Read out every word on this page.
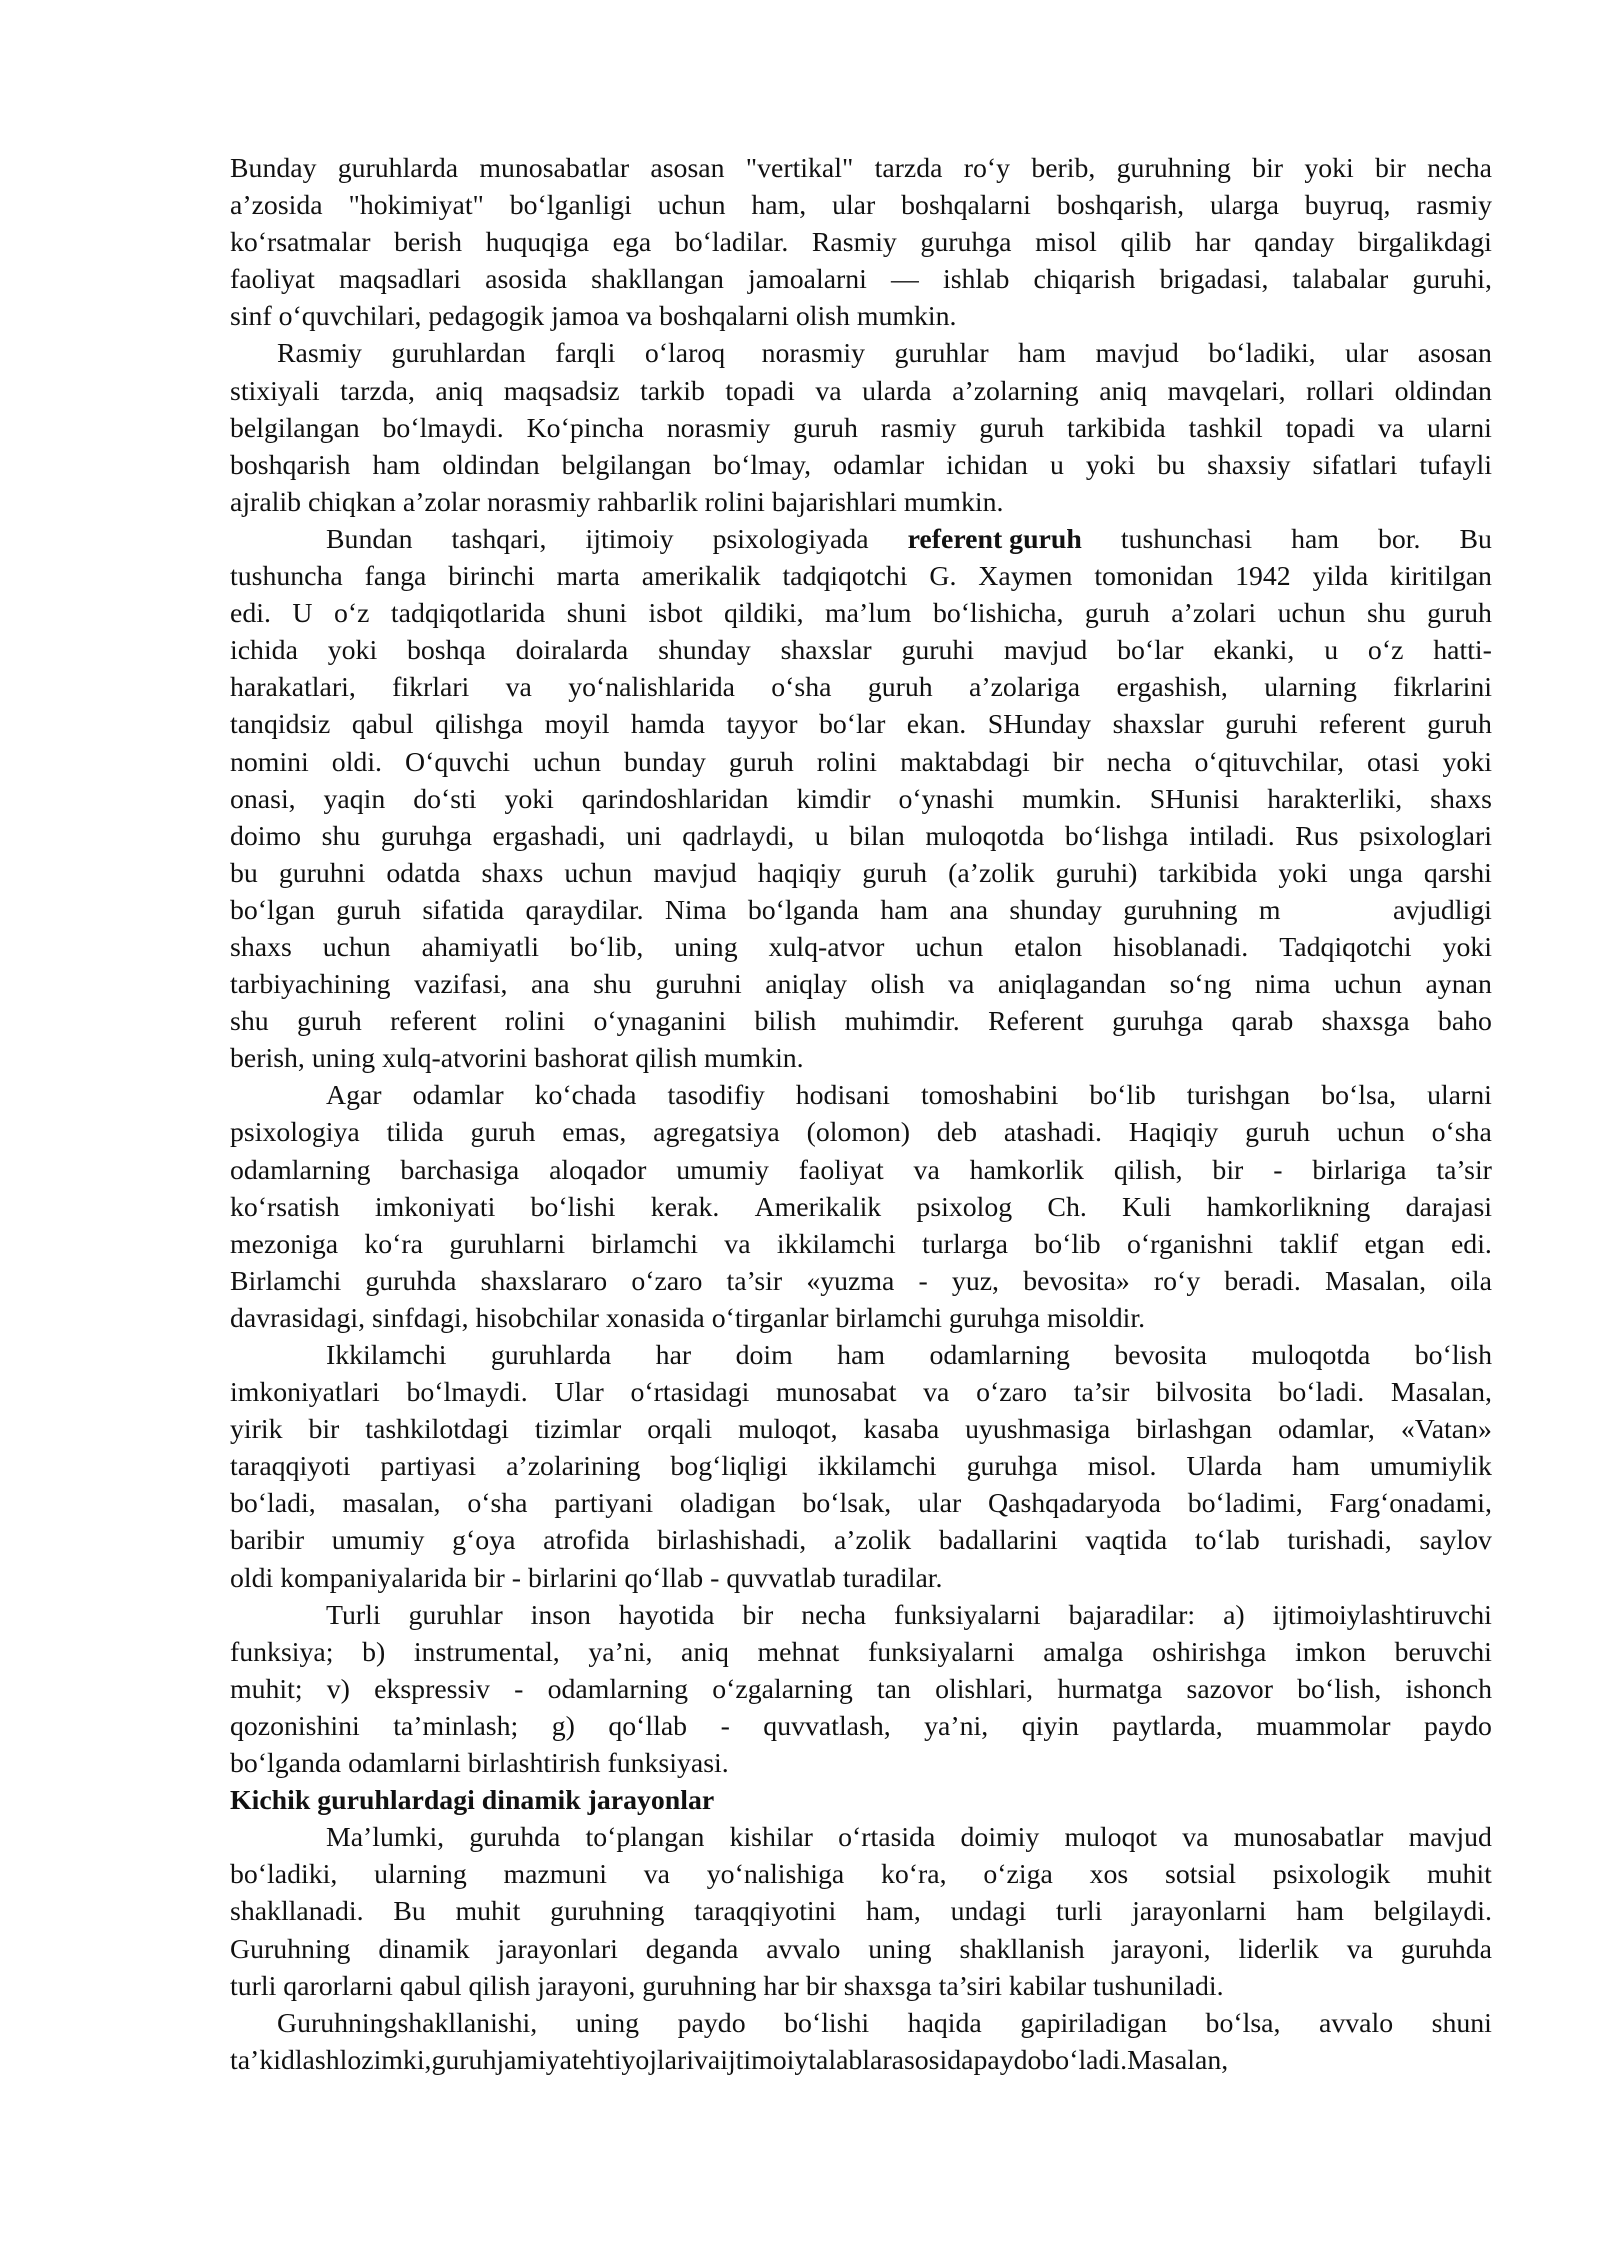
Bunday guruhlarda munosabatlar asosan "vertikal" tarzda ro‘y berib, guruhning bir yoki bir necha
a’zosida "hokimiyat" bo‘lganligi uchun ham, ular boshqalarni boshqarish, ularga buyruq, rasmiy
ko‘rsatmalar berish huquqiga ega bo‘ladilar. Rasmiy guruhga misol qilib har qanday birgalikdagi
faoliyat maqsadlari asosida shakllangan jamoalarni — ishlab chiqarish brigadasi, talabalar guruhi,
sinf o‘quvchilari, pedagogik jamoa va boshqalarni olish mumkin.
Rasmiy guruhlardan farqli o‘laroq norasmiy guruhlar ham mavjud bo‘ladiki, ular asosan
stixiyali tarzda, aniq maqsadsiz tarkib topadi va ularda a’zolarning aniq mavqelari, rollari oldindan
belgilangan bo‘lmaydi. Ko‘pincha norasmiy guruh rasmiy guruh tarkibida tashkil topadi va ularni
boshqarish ham oldindan belgilangan bo‘lmay, odamlar ichidan u yoki bu shaxsiy sifatlari tufayli
ajralib chiqkan a’zolar norasmiy rahbarlik rolini bajarishlari mumkin.
Bundan tashqari, ijtimoiy psixologiyada referent guruh tushunchasi ham bor. Bu
tushuncha fanga birinchi marta amerikalik tadqiqotchi G. Xaymen tomonidan 1942 yilda kiritilgan
edi. U o‘z tadqiqotlarida shuni isbot qildiki, ma’lum bo‘lishicha, guruh a’zolari uchun shu guruh
ichida yoki boshqa doiralarda shunday shaxslar guruhi mavjud bo‘lar ekanki, u o‘z hatti-
harakatlari, fikrlari va yo‘nalishlarida o‘sha guruh a’zolariga ergashish, ularning fikrlarini
tanqidsiz qabul qilishga moyil hamda tayyor bo‘lar ekan. SHunday shaxslar guruhi referent guruh
nomini oldi. O‘quvchi uchun bunday guruh rolini maktabdagi bir necha o‘qituvchilar, otasi yoki
onasi, yaqin do‘sti yoki qarindoshlaridan kimdir o‘ynashi mumkin. SHunisi harakterliki, shaxs
doimo shu guruhga ergashadi, uni qadrlaydi, u bilan muloqotda bo‘lishga intiladi. Rus psixologlari
bu guruhni odatda shaxs uchun mavjud haqiqiy guruh (a’zolik guruhi) tarkibida yoki unga qarshi
bo‘lgan guruh sifatida qaraydilar. Nima bo‘lganda ham ana shunday guruhning m	avjudligi
shaxs uchun ahamiyatli bo‘lib, uning xulq-atvor uchun etalon hisoblanadi. Tadqiqotchi yoki
tarbiyachining vazifasi, ana shu guruhni aniqlay olish va aniqlagandan so‘ng nima uchun aynan
shu guruh referent rolini o‘ynaganini bilish muhimdir. Referent guruhga qarab shaxsga baho
berish, uning xulq-atvorini bashorat qilish mumkin.
Agar odamlar ko‘chada tasodifiy hodisani tomoshabini bo‘lib turishgan bo‘lsa, ularni
psixologiya tilida guruh emas, agregatsiya (olomon) deb atashadi. Haqiqiy guruh uchun o‘sha
odamlarning barchasiga aloqador umumiy faoliyat va hamkorlik qilish, bir - birlariga ta’sir
ko‘rsatish imkoniyati bo‘lishi kerak. Amerikalik psixolog Ch. Kuli hamkorlikning darajasi
mezoniga ko‘ra guruhlarni birlamchi va ikkilamchi turlarga bo‘lib o‘rganishni taklif etgan edi.
Birlamchi guruhda shaxslararo o‘zaro ta’sir «yuzma - yuz, bevosita» ro‘y beradi. Masalan, oila
davrasidagi, sinfdagi, hisobchilar xonasida o‘tirganlar birlamchi guruhga misoldir.
Ikkilamchi guruhlarda har doim ham odamlarning bevosita muloqotda bo‘lish
imkoniyatlari bo‘lmaydi. Ular o‘rtasidagi munosabat va o‘zaro ta’sir bilvosita bo‘ladi. Masalan,
yirik bir tashkilotdagi tizimlar orqali muloqot, kasaba uyushmasiga birlashgan odamlar, «Vatan»
taraqqiyoti partiyasi a’zolarining bog‘liqligi ikkilamchi guruhga misol. Ularda ham umumiylik
bo‘ladi, masalan, o‘sha partiyani oladigan bo‘lsak, ular Qashqadaryoda bo‘ladimi, Farg‘onadami,
baribir umumiy g‘oya atrofida birlashishadi, a’zolik badallarini vaqtida to‘lab turishadi, saylov
oldi kompaniyalarida bir - birlarini qo‘llab - quvvatlab turadilar.
Turli guruhlar inson hayotida bir necha funksiyalarni bajaradilar: a) ijtimoiylashtiruvchi
funksiya; b) instrumental, ya’ni, aniq mehnat funksiyalarni amalga oshirishga imkon beruvchi
muhit; v) ekspressiv - odamlarning o‘zgalarning tan olishlari, hurmatga sazovor bo‘lish, ishonch
qozonishini ta’minlash; g) qo‘llab - quvvatlash, ya’ni, qiyin paytlarda, muammolar paydo
bo‘lganda odamlarni birlashtirish funksiyasi.
Kichik guruhlardagi dinamik jarayonlar
Ma’lumki, guruhda to‘plangan kishilar o‘rtasida doimiy muloqot va munosabatlar mavjud
bo‘ladiki, ularning mazmuni va yo‘nalishiga ko‘ra, o‘ziga xos sotsial psixologik muhit
shakllanadi. Bu muhit guruhning taraqqiyotini ham, undagi turli jarayonlarni ham belgilaydi.
Guruhning dinamik jarayonlari deganda avvalo uning shakllanish jarayoni, liderlik va guruhda
turli qarorlarni qabul qilish jarayoni, guruhning har bir shaxsga ta’siri kabilar tushuniladi.
Guruhningshakllanishi, uning paydo bo‘lishi haqida gapiriladigan bo‘lsa, avvalo shuni
ta’kidlash lozimki, guruh jamiyat ehtiyojlari va ijtimoiy talablar asosida paydo bo‘ladi. Masalan,
